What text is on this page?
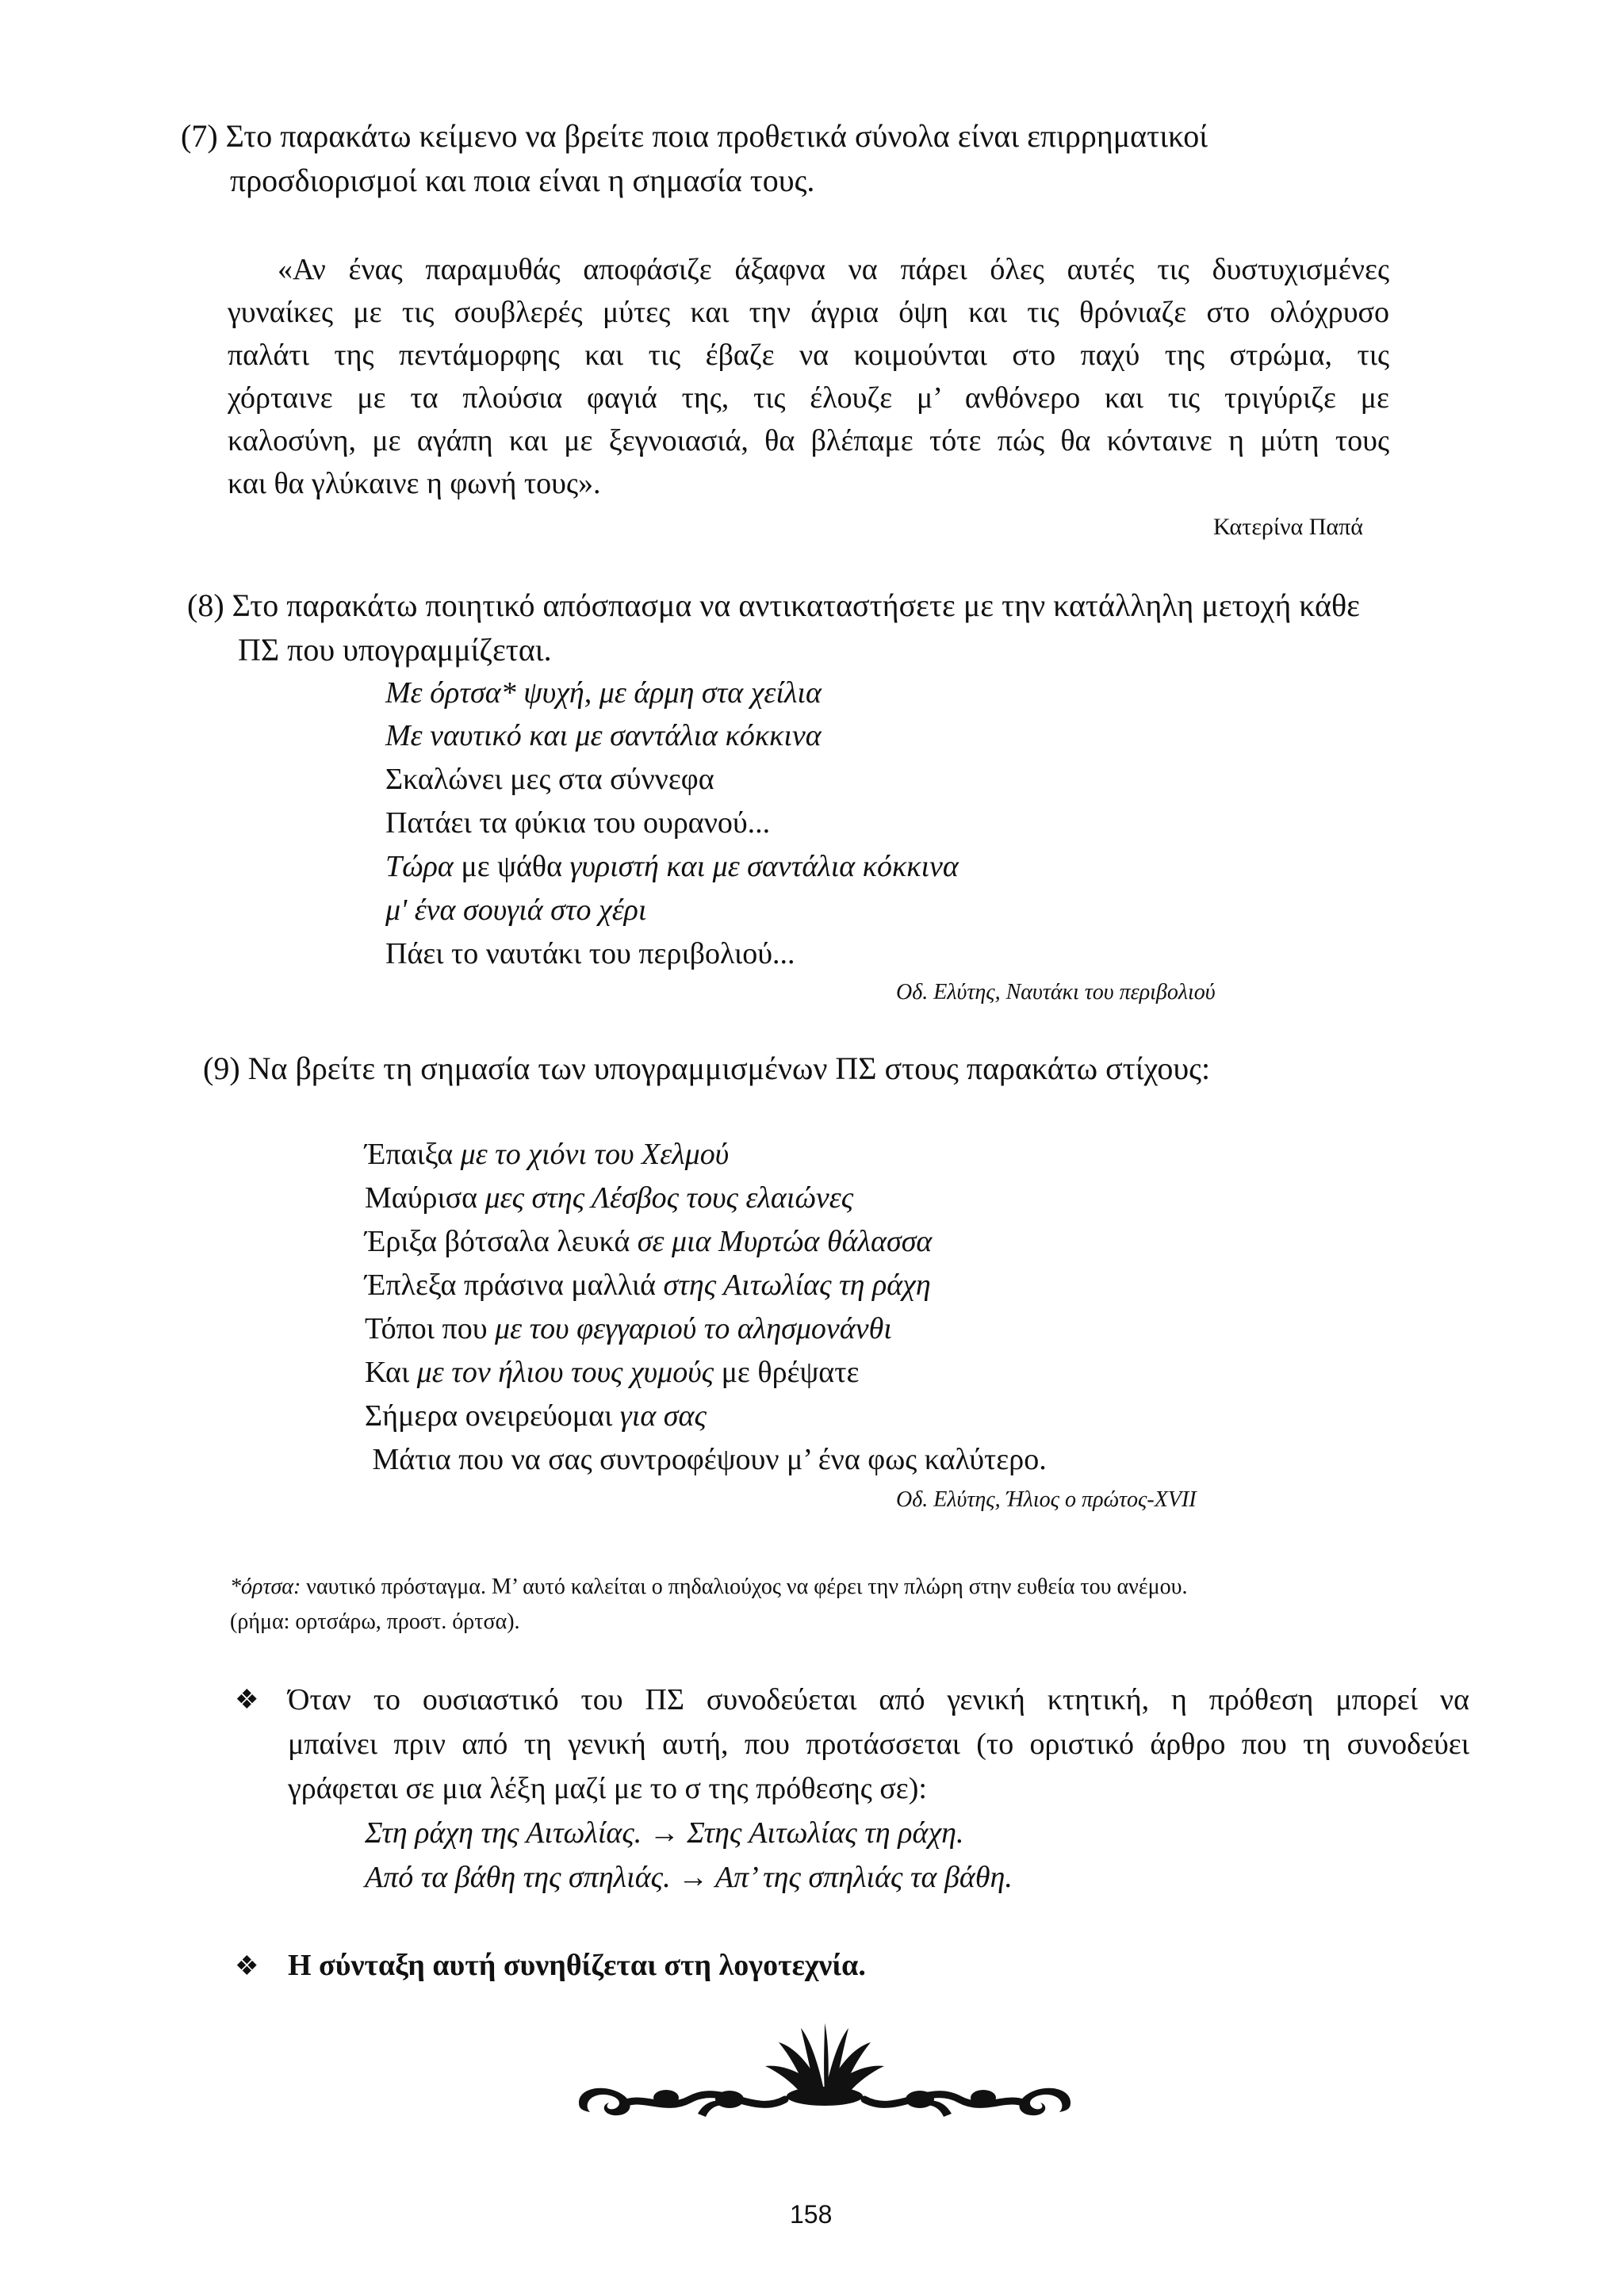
(7) Στο παρακάτω κείμενο να βρείτε ποια προθετικά σύνολα είναι επιρρηματικοί
προσδιορισμοί και ποια είναι η σημασία τους.
«Αν ένας παραμυθάς αποφάσιζε άξαφνα να πάρει όλες αυτές τις δυστυχισμένες
γυναίκες με τις σουβλερές μύτες και την άγρια όψη και τις θρόνιαζε στο ολόχρυσο
παλάτι της πεντάμορφης και τις έβαζε να κοιμούνται στο παχύ της στρώμα, τις
χόρταινε με τα πλούσια φαγιά της, τις έλουζε μ’ ανθόνερο και τις τριγύριζε με
καλοσύνη, με αγάπη και με ξεγνοιασιά, θα βλέπαμε τότε πώς θα κόνταινε η μύτη τους
και θα γλύκαινε η φωνή τους».
Κατερίνα Παπά
(8) Στο παρακάτω ποιητικό απόσπασμα να αντικαταστήσετε με την κατάλληλη μετοχή κάθε
ΠΣ που υπογραμμίζεται.
Με όρτσα* ψυχή, με άρμη στα χείλια
Με ναυτικό και με σαντάλια κόκκινα
Σκαλώνει μες στα σύννεφα
Πατάει τα φύκια του ουρανού...
Τώρα με ψάθα γυριστή και με σαντάλια κόκκινα
μ' ένα σουγιά στο χέρι
Πάει το ναυτάκι του περιβολιού...
Οδ. Ελύτης, Ναυτάκι του περιβολιού
(9) Να βρείτε τη σημασία των υπογραμμισμένων ΠΣ στους παρακάτω στίχους:
Έπαιξα με το χιόνι του Χελμού
Μαύρισα μες στης Λέσβος τους ελαιώνες
Έριξα βότσαλα λευκά σε μια Μυρτώα θάλασσα
Έπλεξα πράσινα μαλλιά στης Αιτωλίας τη ράχη
Τόποι που με του φεγγαριού το αλησμονάνθι
Και με τον ήλιου τους χυμούς με θρέψατε
Σήμερα ονειρεύομαι για σας
Μάτια που να σας συντροφέψουν μ’ ένα φως καλύτερο.
Οδ. Ελύτης, Ήλιος ο πρώτος-XVII
*όρτσα: ναυτικό πρόσταγμα. Μ’ αυτό καλείται ο πηδαλιούχος να φέρει την πλώρη στην ευθεία του ανέμου.
(ρήμα: ορτσάρω, προστ. όρτσα).
❖ Όταν το ουσιαστικό του ΠΣ συνοδεύεται από γενική κτητική, η πρόθεση μπορεί να
μπαίνει πριν από τη γενική αυτή, που προτάσσεται (το οριστικό άρθρο που τη συνοδεύει
γράφεται σε μια λέξη μαζί με το σ της πρόθεσης σε):
Στη ράχη της Αιτωλίας. → Στης Αιτωλίας τη ράχη.
Από τα βάθη της σπηλιάς. → Απ’ της σπηλιάς τα βάθη.
❖ Η σύνταξη αυτή συνηθίζεται στη λογοτεχνία.
158
